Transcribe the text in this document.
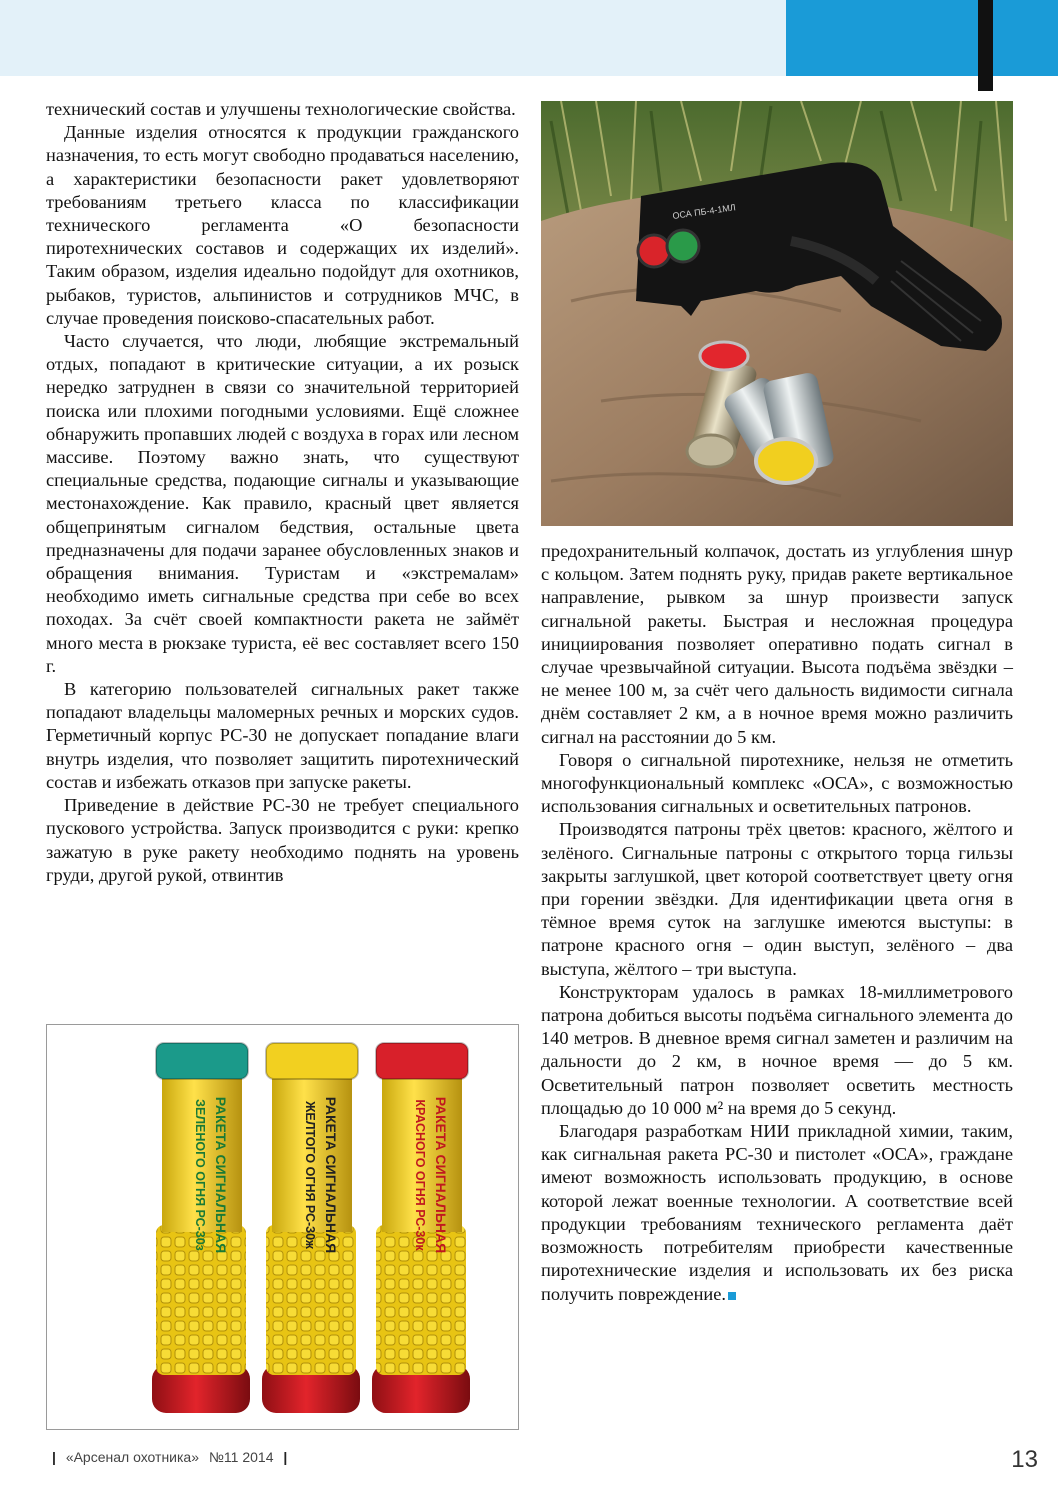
технический состав и улучшены технологические свойства.

Данные изделия относятся к продукции гражданского назначения, то есть могут свободно продаваться населению, а характеристики безопасности ракет удовлетворяют требованиям третьего класса по классификации технического регламента «О безопасности пиротехнических составов и содержащих их изделий». Таким образом, изделия идеально подойдут для охотников, рыбаков, туристов, альпинистов и сотрудников МЧС, в случае проведения поисково-спасательных работ.

Часто случается, что люди, любящие экстремальный отдых, попадают в критические ситуации, а их розыск нередко затруднен в связи со значительной территорией поиска или плохими погодными условиями. Ещё сложнее обнаружить пропавших людей с воздуха в горах или лесном массиве. Поэтому важно знать, что существуют специальные средства, подающие сигналы и указывающие местонахождение. Как правило, красный цвет является общепринятым сигналом бедствия, остальные цвета предназначены для подачи заранее обусловленных знаков и обращения внимания. Туристам и «экстремалам» необходимо иметь сигнальные средства при себе во всех походах. За счёт своей компактности ракета не займёт много места в рюкзаке туриста, её вес составляет всего 150 г.

В категорию пользователей сигнальных ракет также попадают владельцы маломерных речных и морских судов. Герметичный корпус РС-30 не допускает попадание влаги внутрь изделия, что позволяет защитить пиротехнический состав и избежать отказов при запуске ракеты.

Приведение в действие РС-30 не требует специального пускового устройства. Запуск производится с руки: крепко зажатую в руке ракету необходимо поднять на уровень груди, другой рукой, отвинтив

ОСА ПБ-4-1МЛ

предохранительный колпачок, достать из углубления шнур с кольцом. Затем поднять руку, придав ракете вертикальное направление, рывком за шнур произвести запуск сигнальной ракеты. Быстрая и несложная процедура инициирования позволяет оперативно подать сигнал в случае чрезвычайной ситуации. Высота подъёма звёздки – не менее 100 м, за счёт чего дальность видимости сигнала днём составляет 2 км, а в ночное время можно различить сигнал на расстоянии до 5 км.

Говоря о сигнальной пиротехнике, нельзя не отметить многофункциональный комплекс «ОСА», с возможностью использования сигнальных и осветительных патронов.

Производятся патроны трёх цветов: красного, жёлтого и зелёного. Сигнальные патроны с открытого торца гильзы закрыты заглушкой, цвет которой соответствует цвету огня при горении звёздки. Для идентификации цвета огня в тёмное время суток на заглушке имеются выступы: в патроне красного огня – один выступ, зелёного – два выступа, жёлтого – три выступа.

Конструкторам удалось в рамках 18-миллиметрового патрона добиться высоты подъёма сигнального элемента до 140 метров. В дневное время сигнал заметен и различим на дальности до 2 км, в ночное время — до 5 км. Осветительный патрон позволяет осветить местность площадью до 10 000 м² на время до 5 секунд.

Благодаря разработкам НИИ прикладной химии, таким, как сигнальная ракета РС-30 и пистолет «ОСА», граждане имеют возможность использовать продукцию, в основе которой лежат военные технологии. А соответствие всей продукции требованиям технического регламента даёт возможность потребителям приобрести качественные пиротехнические изделия и использовать их без риска получить повреждение.

РАКЕТА СИГНАЛЬНАЯ
ЗЕЛЕНОГО ОГНЯ РС-30з	РАКЕТА СИГНАЛЬНАЯ
ЖЕЛТОГО ОГНЯ РС-30ж	РАКЕТА СИГНАЛЬНАЯ
КРАСНОГО ОГНЯ РС-30к
| «Арсенал охотника» №11 2014 |	13
